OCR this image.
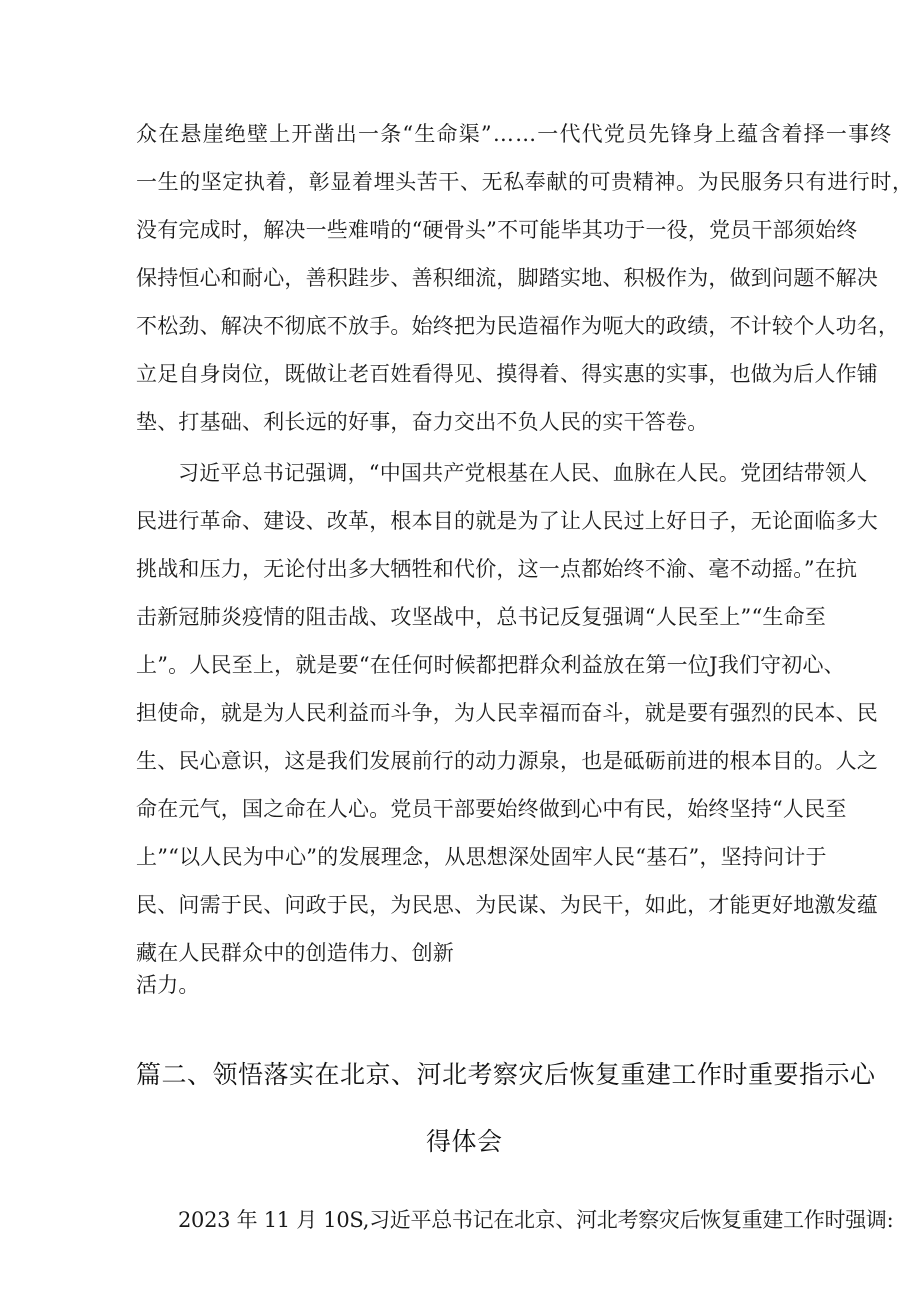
众在悬崖绝壁上开凿出一条“生命渠”……一代代党员先锋身上蕴含着择一事终
一生的坚定执着，彰显着埋头苦干、无私奉献的可贵精神。为民服务只有进行时，
没有完成时，解决一些难啃的“硬骨头”不可能毕其功于一役，党员干部须始终
保持恒心和耐心，善积跬步、善积细流，脚踏实地、积极作为，做到问题不解决
不松劲、解决不彻底不放手。始终把为民造福作为呃大的政绩，不计较个人功名，
立足自身岗位，既做让老百姓看得见、摸得着、得实惠的实事，也做为后人作铺
垫、打基础、利长远的好事，奋力交出不负人民的实干答卷。
习近平总书记强调，“中国共产党根基在人民、血脉在人民。党团结带领人
民进行革命、建设、改革，根本目的就是为了让人民过上好日子，无论面临多大
挑战和压力，无论付出多大牺牲和代价，这一点都始终不渝、毫不动摇。”在抗
击新冠肺炎疫情的阻击战、攻坚战中，总书记反复强调“人民至上”“生命至
上”。人民至上，就是要“在任何时候都把群众利益放在第一位J我们守初心、
担使命，就是为人民利益而斗争，为人民幸福而奋斗，就是要有强烈的民本、民
生、民心意识，这是我们发展前行的动力源泉，也是砥砺前进的根本目的。人之
命在元气，国之命在人心。党员干部要始终做到心中有民，始终坚持“人民至
上”“以人民为中心”的发展理念，从思想深处固牢人民“基石”，坚持问计于
民、问需于民、问政于民，为民思、为民谋、为民干，如此，才能更好地激发蕴
藏在人民群众中的创造伟力、创新
活力。
篇二、领悟落实在北京、河北考察灾后恢复重建工作时重要指示心
得体会
2023 年 11 月 10S,习近平总书记在北京、河北考察灾后恢复重建工作时强调:
